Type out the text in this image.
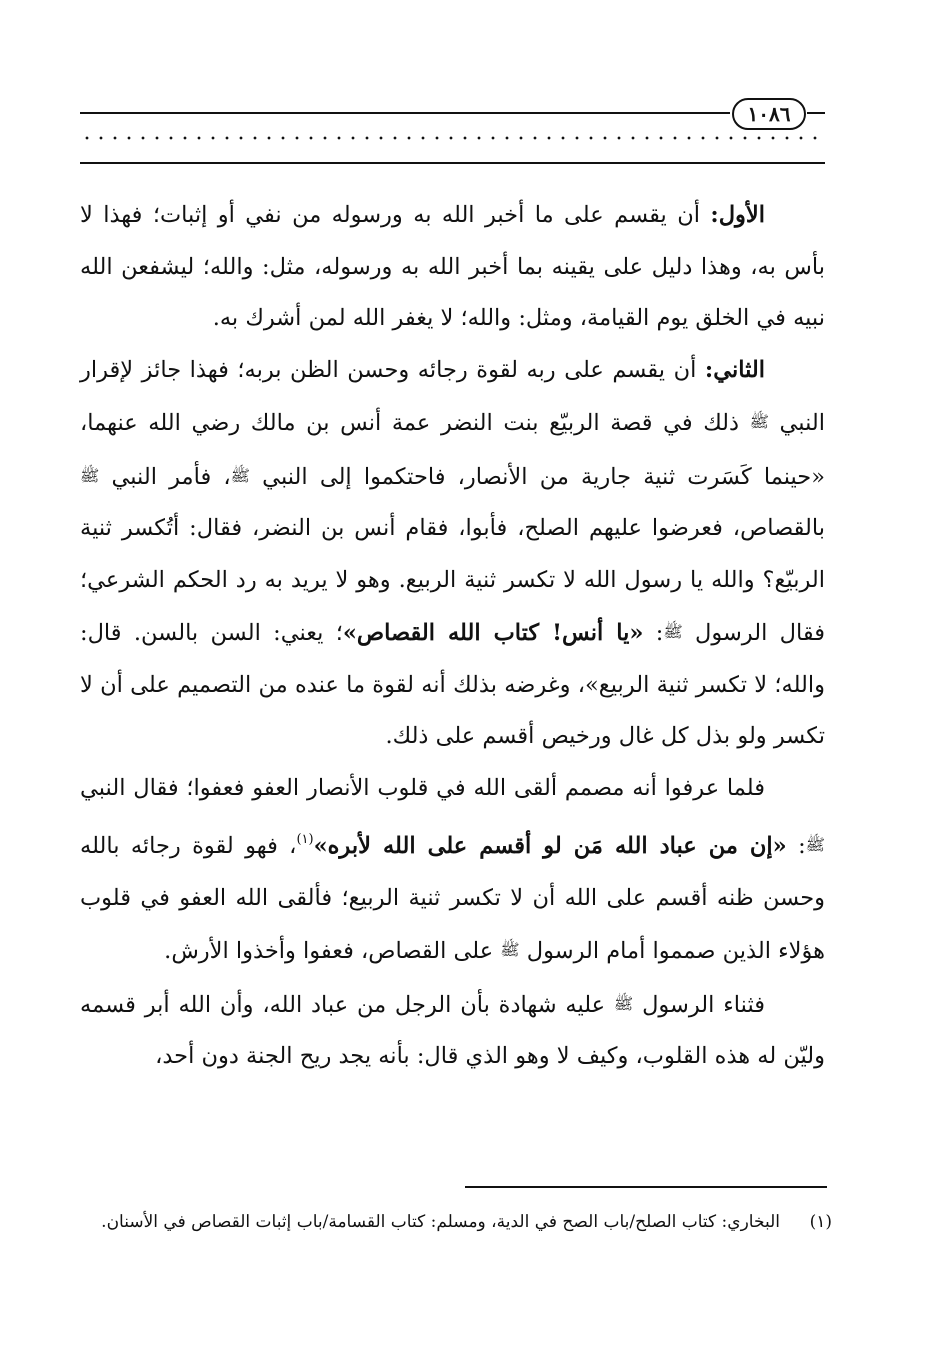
١٠٨٦

الأول: أن يقسم على ما أخبر الله به ورسوله من نفي أو إثبات؛ فهذا لا بأس به، وهذا دليل على يقينه بما أخبر الله به ورسوله، مثل: والله؛ ليشفعن الله نبيه في الخلق يوم القيامة، ومثل: والله؛ لا يغفر الله لمن أشرك به.

الثاني: أن يقسم على ربه لقوة رجائه وحسن الظن بربه؛ فهذا جائز لإقرار النبي ﷺ ذلك في قصة الربيّع بنت النضر عمة أنس بن مالك رضي الله عنهما، «حينما كَسَرت ثنية جارية من الأنصار، فاحتكموا إلى النبي ﷺ، فأمر النبي ﷺ بالقصاص، فعرضوا عليهم الصلح، فأبوا، فقام أنس بن النضر، فقال: أتُكسر ثنية الربيّع؟ والله يا رسول الله لا تكسر ثنية الربيع. وهو لا يريد به رد الحكم الشرعي؛ فقال الرسول ﷺ: «يا أنس! كتاب الله القصاص»؛ يعني: السن بالسن. قال: والله؛ لا تكسر ثنية الربيع»، وغرضه بذلك أنه لقوة ما عنده من التصميم على أن لا تكسر ولو بذل كل غال ورخيص أقسم على ذلك.

فلما عرفوا أنه مصمم ألقى الله في قلوب الأنصار العفو فعفوا؛ فقال النبي ﷺ: «إن من عباد الله مَن لو أقسم على الله لأبره»$^{(١)}$، فهو لقوة رجائه بالله وحسن ظنه أقسم على الله أن لا تكسر ثنية الربيع؛ فألقى الله العفو في قلوب هؤلاء الذين صمموا أمام الرسول ﷺ على القصاص، فعفوا وأخذوا الأرش.

فثناء الرسول ﷺ عليه شهادة بأن الرجل من عباد الله، وأن الله أبر قسمه وليّن له هذه القلوب، وكيف لا وهو الذي قال: بأنه يجد ريح الجنة دون أحد،

(١)

البخاري: كتاب الصلح/باب الصح في الدية، ومسلم: كتاب القسامة/باب إثبات القصاص في الأسنان.
